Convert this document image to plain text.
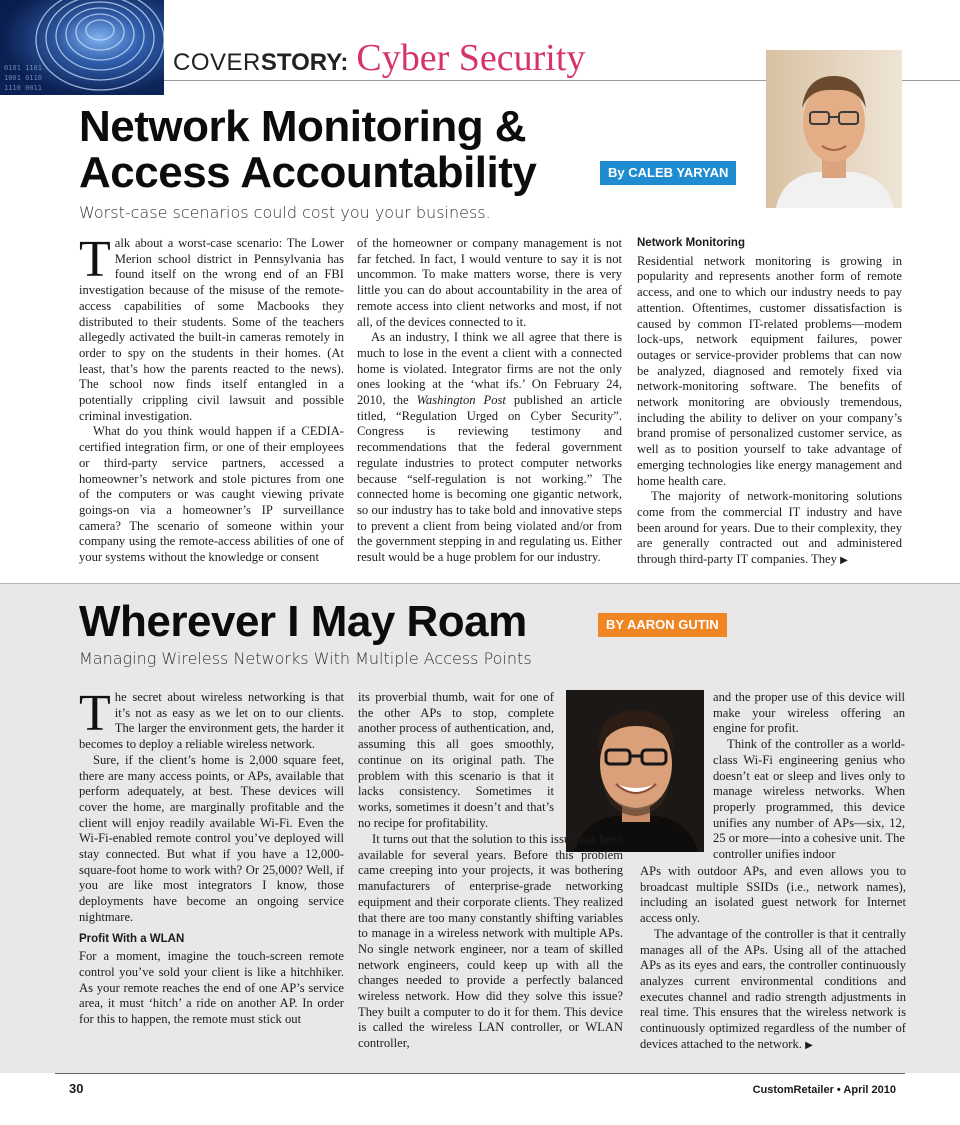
0101 1101
1001 0110
1110 0011
COVERSTORY: Cyber Security
Network Monitoring &
Access Accountability	By CALEB YARYAN
Worst-case scenarios could cost you your business.

Talk about a worst-case scenario: The Lower Merion school district in Pennsylvania has found itself on the wrong end of an FBI investigation because of the misuse of the remote-access capabilities of some Macbooks they distributed to their students. Some of the teachers allegedly activated the built-in cameras remotely in order to spy on the students in their homes. (At least, that’s how the parents reacted to the news). The school now finds itself entangled in a potentially crippling civil lawsuit and possible criminal investigation.

What do you think would happen if a CEDIA-certified integration firm, or one of their employees or third-party service partners, accessed a homeowner’s network and stole pictures from one of the computers or was caught viewing private goings-on via a homeowner’s IP surveillance camera? The scenario of someone within your company using the remote-access abilities of one of your systems without the knowledge or consent

of the homeowner or company management is not far fetched. In fact, I would venture to say it is not uncommon. To make matters worse, there is very little you can do about accountability in the area of remote access into client networks and most, if not all, of the devices connected to it.

As an industry, I think we all agree that there is much to lose in the event a client with a connected home is violated. Integrator firms are not the only ones looking at the ‘what ifs.’ On February 24, 2010, the Washington Post published an article titled, “Regulation Urged on Cyber Security”. Congress is reviewing testimony and recommendations that the federal government regulate industries to protect computer networks because “self-regulation is not working.” The connected home is becoming one gigantic network, so our industry has to take bold and innovative steps to prevent a client from being violated and/or from the government stepping in and regulating us. Either result would be a huge problem for our industry.

Network Monitoring

Residential network monitoring is growing in popularity and represents another form of remote access, and one to which our industry needs to pay attention. Oftentimes, customer dissatisfaction is caused by common IT-related problems—modem lock-ups, network equipment failures, power outages or service-provider problems that can now be analyzed, diagnosed and remotely fixed via network-monitoring software. The benefits of network monitoring are obviously tremendous, including the ability to deliver on your company’s brand promise of personalized customer service, as well as to position yourself to take advantage of emerging technologies like energy management and home health care.

The majority of network-monitoring solutions come from the commercial IT industry and have been around for years. Due to their complexity, they are generally contracted out and administered through third-party IT companies. They ▶

Wherever I May Roam	BY AARON GUTIN
Managing Wireless Networks With Multiple Access Points

The secret about wireless networking is that it’s not as easy as we let on to our clients. The larger the environment gets, the harder it becomes to deploy a reliable wireless network.

Sure, if the client’s home is 2,000 square feet, there are many access points, or APs, available that perform adequately, at best. These devices will cover the home, are marginally profitable and the client will enjoy readily available Wi-Fi. Even the Wi-Fi-enabled remote control you’ve deployed will stay connected. But what if you have a 12,000-square-foot home to work with? Or 25,000? Well, if you are like most integrators I know, those deployments have become an ongoing service nightmare.

Profit With a WLAN

For a moment, imagine the touch-screen remote control you’ve sold your client is like a hitchhiker. As your remote reaches the end of one AP’s service area, it must ‘hitch’ a ride on another AP. In order for this to happen, the remote must stick out

its proverbial thumb, wait for one of the other APs to stop, complete another process of authentication, and, assuming this all goes smoothly, continue on its original path. The problem with this scenario is that it lacks consistency. Sometimes it works, sometimes it doesn’t and that’s no recipe for profitability.

It turns out that the solution to this issue has been available for several years. Before this problem came creeping into your projects, it was bothering manufacturers of enterprise-grade networking equipment and their corporate clients. They realized that there are too many constantly shifting variables to manage in a wireless network with multiple APs. No single network engineer, nor a team of skilled network engineers, could keep up with all the changes needed to provide a perfectly balanced wireless network. How did they solve this issue? They built a computer to do it for them. This device is called the wireless LAN controller, or WLAN controller,

and the proper use of this device will make your wireless offering an engine for profit.

Think of the controller as a world-class Wi-Fi engineering genius who doesn’t eat or sleep and lives only to manage wireless networks. When properly programmed, this device unifies any number of APs—six, 12, 25 or more—into a cohesive unit. The controller unifies indoor

APs with outdoor APs, and even allows you to broadcast multiple SSIDs (i.e., network names), including an isolated guest network for Internet access only.

The advantage of the controller is that it centrally manages all of the APs. Using all of the attached APs as its eyes and ears, the controller continuously analyzes current environmental conditions and executes channel and radio strength adjustments in real time. This ensures that the wireless network is continuously optimized regardless of the number of devices attached to the network. ▶

30	CustomRetailer • April 2010
